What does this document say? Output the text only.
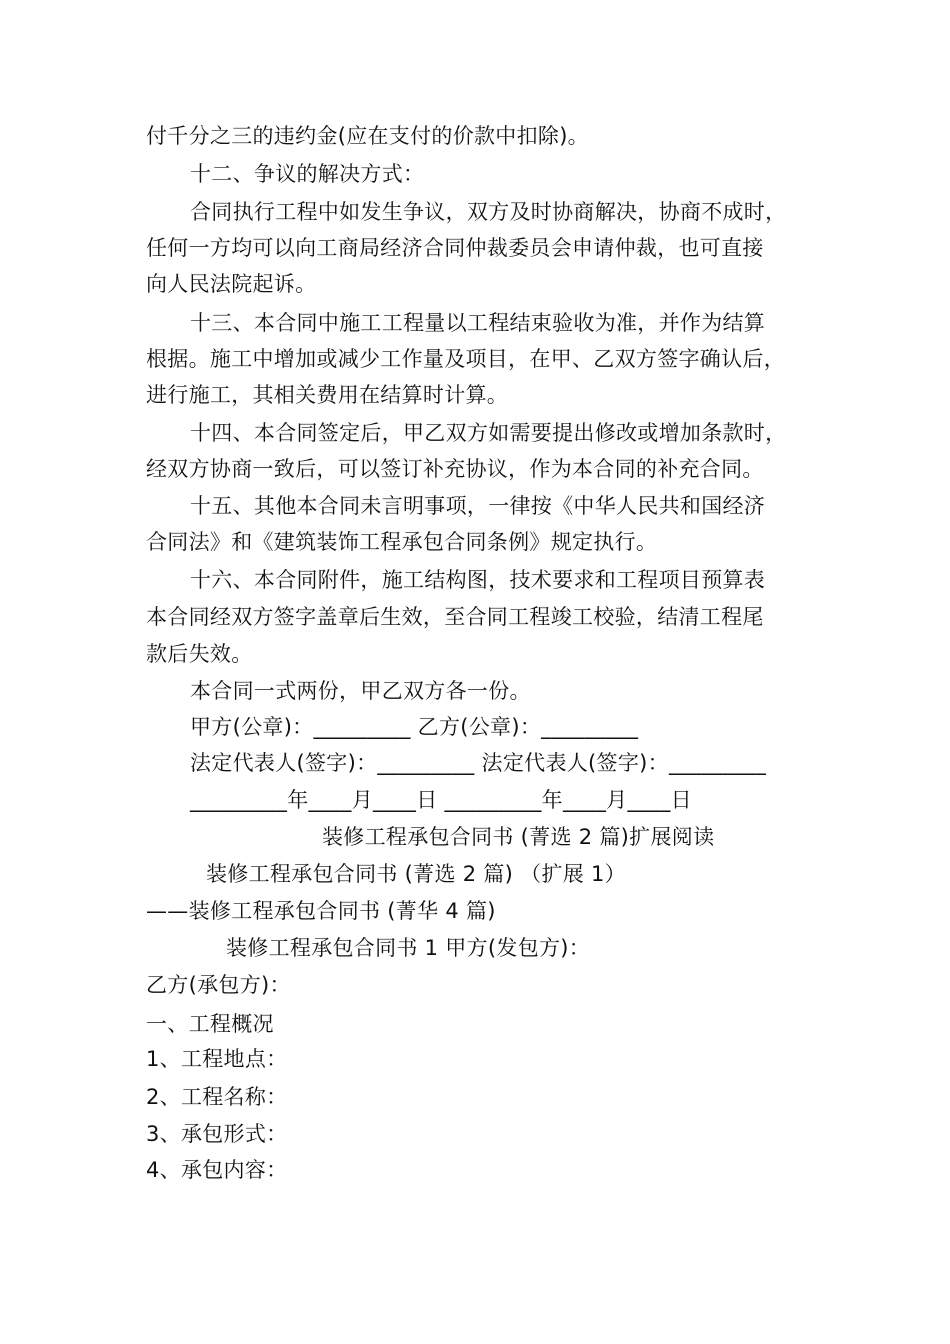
付千分之三的违约金(应在支付的价款中扣除)。
十二、争议的解决方式：
合同执行工程中如发生争议，双方及时协商解决，协商不成时，
任何一方均可以向工商局经济合同仲裁委员会申请仲裁，也可直接
向人民法院起诉。
十三、本合同中施工工程量以工程结束验收为准，并作为结算
根据。施工中增加或减少工作量及项目，在甲、乙双方签字确认后，
进行施工，其相关费用在结算时计算。
十四、本合同签定后，甲乙双方如需要提出修改或增加条款时，
经双方协商一致后，可以签订补充协议，作为本合同的补充合同。
十五、其他本合同未言明事项，一律按《中华人民共和国经济
合同法》和《建筑装饰工程承包合同条例》规定执行。
十六、本合同附件，施工结构图，技术要求和工程项目预算表
本合同经双方签字盖章后生效，至合同工程竣工校验，结清工程尾
款后失效。
本合同一式两份，甲乙双方各一份。
甲方(公章)：_________ 乙方(公章)：_________
法定代表人(签字)：_________ 法定代表人(签字)：_________
_________年____月____日 _________年____月____日
装修工程承包合同书 (菁选 2 篇)扩展阅读
装修工程承包合同书 (菁选 2 篇) （扩展 1）
——装修工程承包合同书 (菁华 4 篇)
装修工程承包合同书 1 甲方(发包方)：
乙方(承包方)：
一、工程概况
1、工程地点：
2、工程名称：
3、承包形式：
4、承包内容：
